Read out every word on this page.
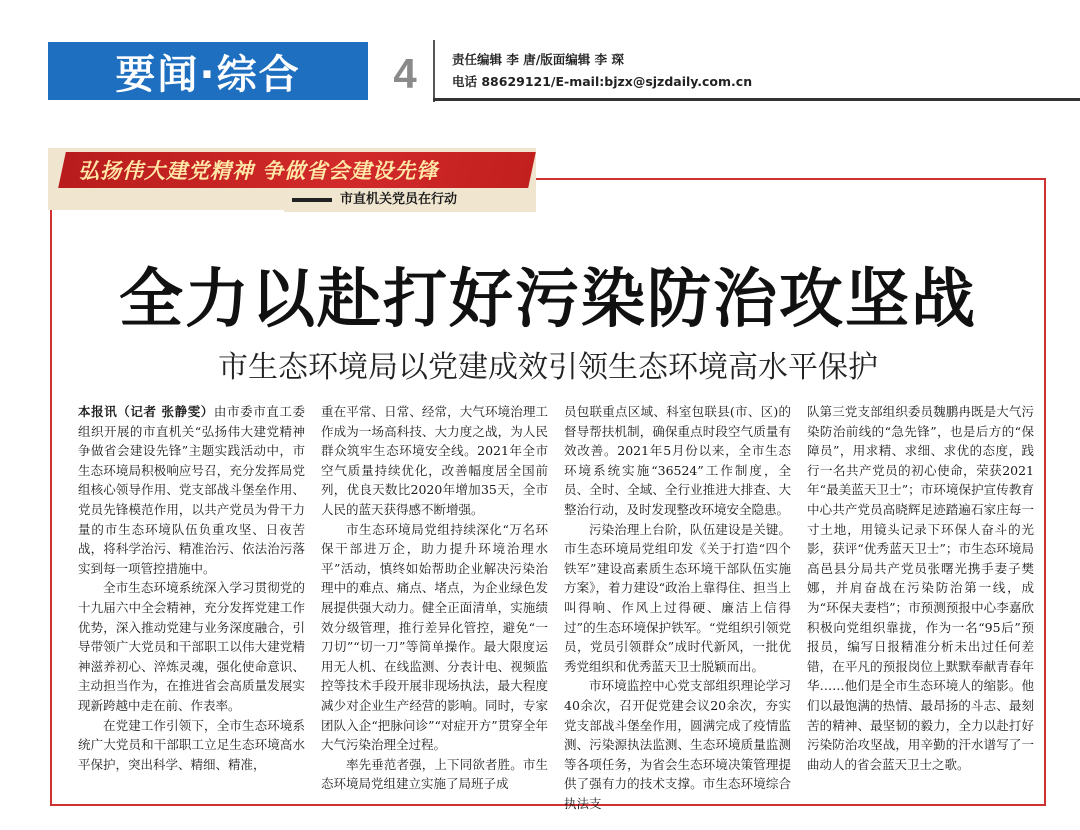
要闻·综合 4	责任编辑 李 唐/版面编辑 李 琛
电话 88629121/E-mail:bjzx@sjzdaily.com.cn
弘扬伟大建党精神 争做省会建设先锋
市直机关党员在行动
全力以赴打好污染防治攻坚战
市生态环境局以党建成效引领生态环境高水平保护

本报讯（记者 张静雯）由市委市直工委组织开展的市直机关“弘扬伟大建党精神 争做省会建设先锋”主题实践活动中，市生态环境局积极响应号召，充分发挥局党组核心领导作用、党支部战斗堡垒作用、党员先锋模范作用，以共产党员为骨干力量的市生态环境队伍负重攻坚、日夜苦战，将科学治污、精准治污、依法治污落实到每一项管控措施中。

全市生态环境系统深入学习贯彻党的十九届六中全会精神，充分发挥党建工作优势，深入推动党建与业务深度融合，引导带领广大党员和干部职工以伟大建党精神滋养初心、淬炼灵魂，强化使命意识、主动担当作为，在推进省会高质量发展实现新跨越中走在前、作表率。

在党建工作引领下，全市生态环境系统广大党员和干部职工立足生态环境高水平保护，突出科学、精细、精准，

重在平常、日常、经常，大气环境治理工作成为一场高科技、大力度之战，为人民群众筑牢生态环境安全线。2021年全市空气质量持续优化，改善幅度居全国前列，优良天数比2020年增加35天，全市人民的蓝天获得感不断增强。

市生态环境局党组持续深化“万名环保干部进万企，助力提升环境治理水平”活动，慎终如始帮助企业解决污染治理中的难点、痛点、堵点，为企业绿色发展提供强大动力。健全正面清单，实施绩效分级管理，推行差异化管控，避免“一刀切”“切一刀”等简单操作。最大限度运用无人机、在线监测、分表计电、视频监控等技术手段开展非现场执法，最大程度减少对企业生产经营的影响。同时，专家团队入企“把脉问诊”“对症开方”贯穿全年大气污染治理全过程。

率先垂范者强，上下同欲者胜。市生态环境局党组建立实施了局班子成

员包联重点区域、科室包联县(市、区)的督导帮扶机制，确保重点时段空气质量有效改善。2021年5月份以来，全市生态环境系统实施“36524”工作制度，全员、全时、全域、全行业推进大排查、大整治行动，及时发现整改环境安全隐患。

污染治理上台阶，队伍建设是关键。市生态环境局党组印发《关于打造“四个铁军”建设高素质生态环境干部队伍实施方案》，着力建设“政治上靠得住、担当上叫得响、作风上过得硬、廉洁上信得过”的生态环境保护铁军。“党组织引领党员，党员引领群众”成时代新风，一批优秀党组织和优秀蓝天卫士脱颖而出。

市环境监控中心党支部组织理论学习40余次，召开促党建会议20余次，夯实党支部战斗堡垒作用，圆满完成了疫情监测、污染源执法监测、生态环境质量监测等各项任务，为省会生态环境决策管理提供了强有力的技术支撑。市生态环境综合执法支

队第三党支部组织委员魏鹏冉既是大气污染防治前线的“急先锋”，也是后方的“保障员”，用求精、求细、求优的态度，践行一名共产党员的初心使命，荣获2021年“最美蓝天卫士”；市环境保护宣传教育中心共产党员高晓辉足迹踏遍石家庄每一寸土地，用镜头记录下环保人奋斗的光影，获评“优秀蓝天卫士”；市生态环境局高邑县分局共产党员张曙光携手妻子樊娜，并肩奋战在污染防治第一线，成为“环保夫妻档”；市预测预报中心李嘉欣积极向党组织靠拢，作为一名“95后”预报员，编写日报精准分析未出过任何差错，在平凡的预报岗位上默默奉献青春年华……他们是全市生态环境人的缩影。他们以最饱满的热情、最昂扬的斗志、最刻苦的精神、最坚韧的毅力，全力以赴打好污染防治攻坚战，用辛勤的汗水谱写了一曲动人的省会蓝天卫士之歌。
